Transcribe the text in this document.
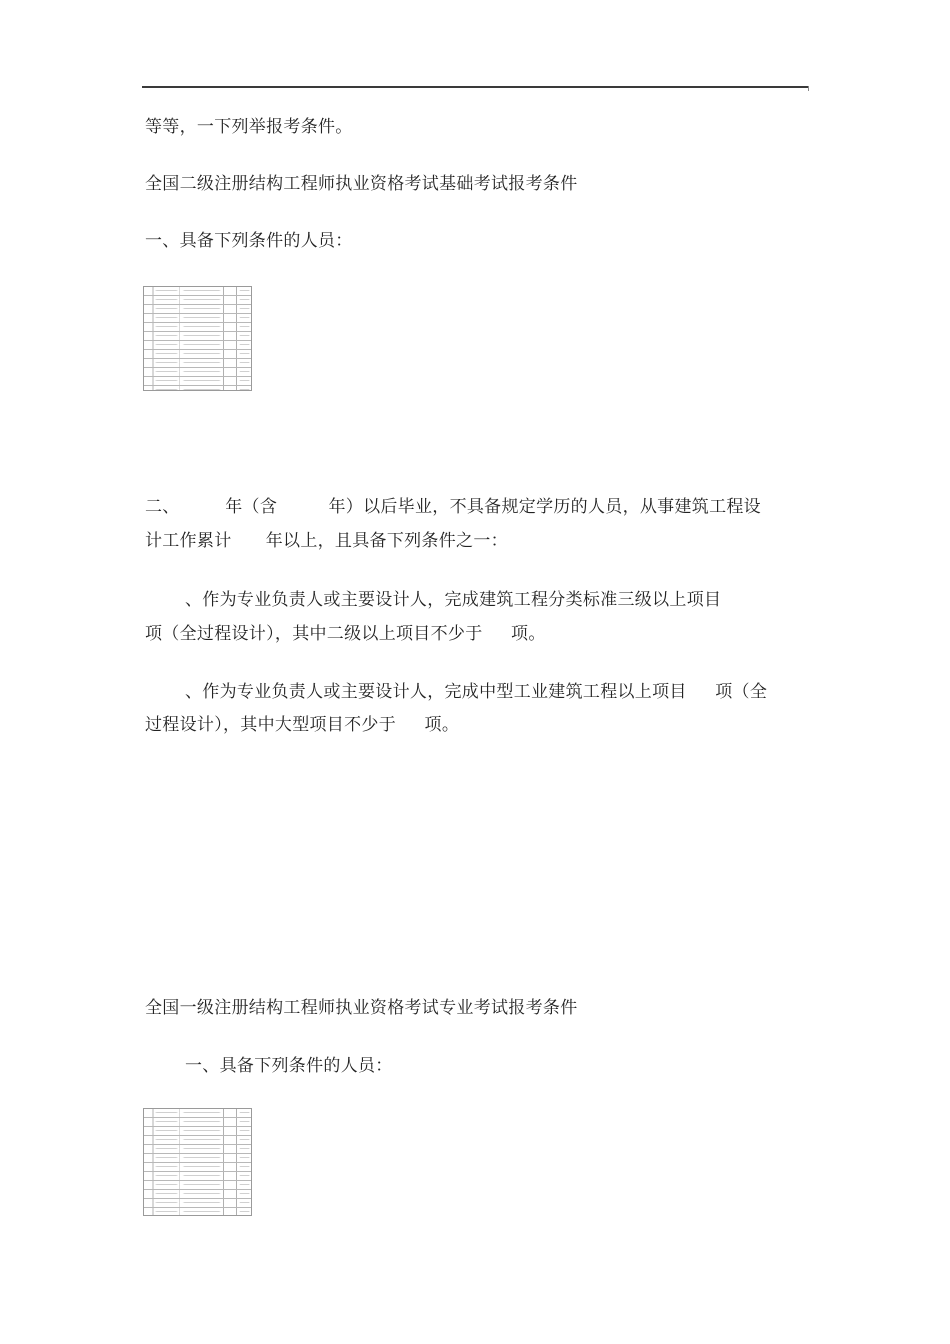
等等，一下列举报考条件。
全国二级注册结构工程师执业资格考试基础考试报考条件
一、具备下列条件的人员：
二、        年（含         年）以后毕业，不具备规定学历的人员，从事建筑工程设
计工作累计      年以上，且具备下列条件之一：
、作为专业负责人或主要设计人，完成建筑工程分类标准三级以上项目
项（全过程设计），其中二级以上项目不少于     项。
、作为专业负责人或主要设计人，完成中型工业建筑工程以上项目     项（全
过程设计），其中大型项目不少于     项。
全国一级注册结构工程师执业资格考试专业考试报考条件
一、具备下列条件的人员：
